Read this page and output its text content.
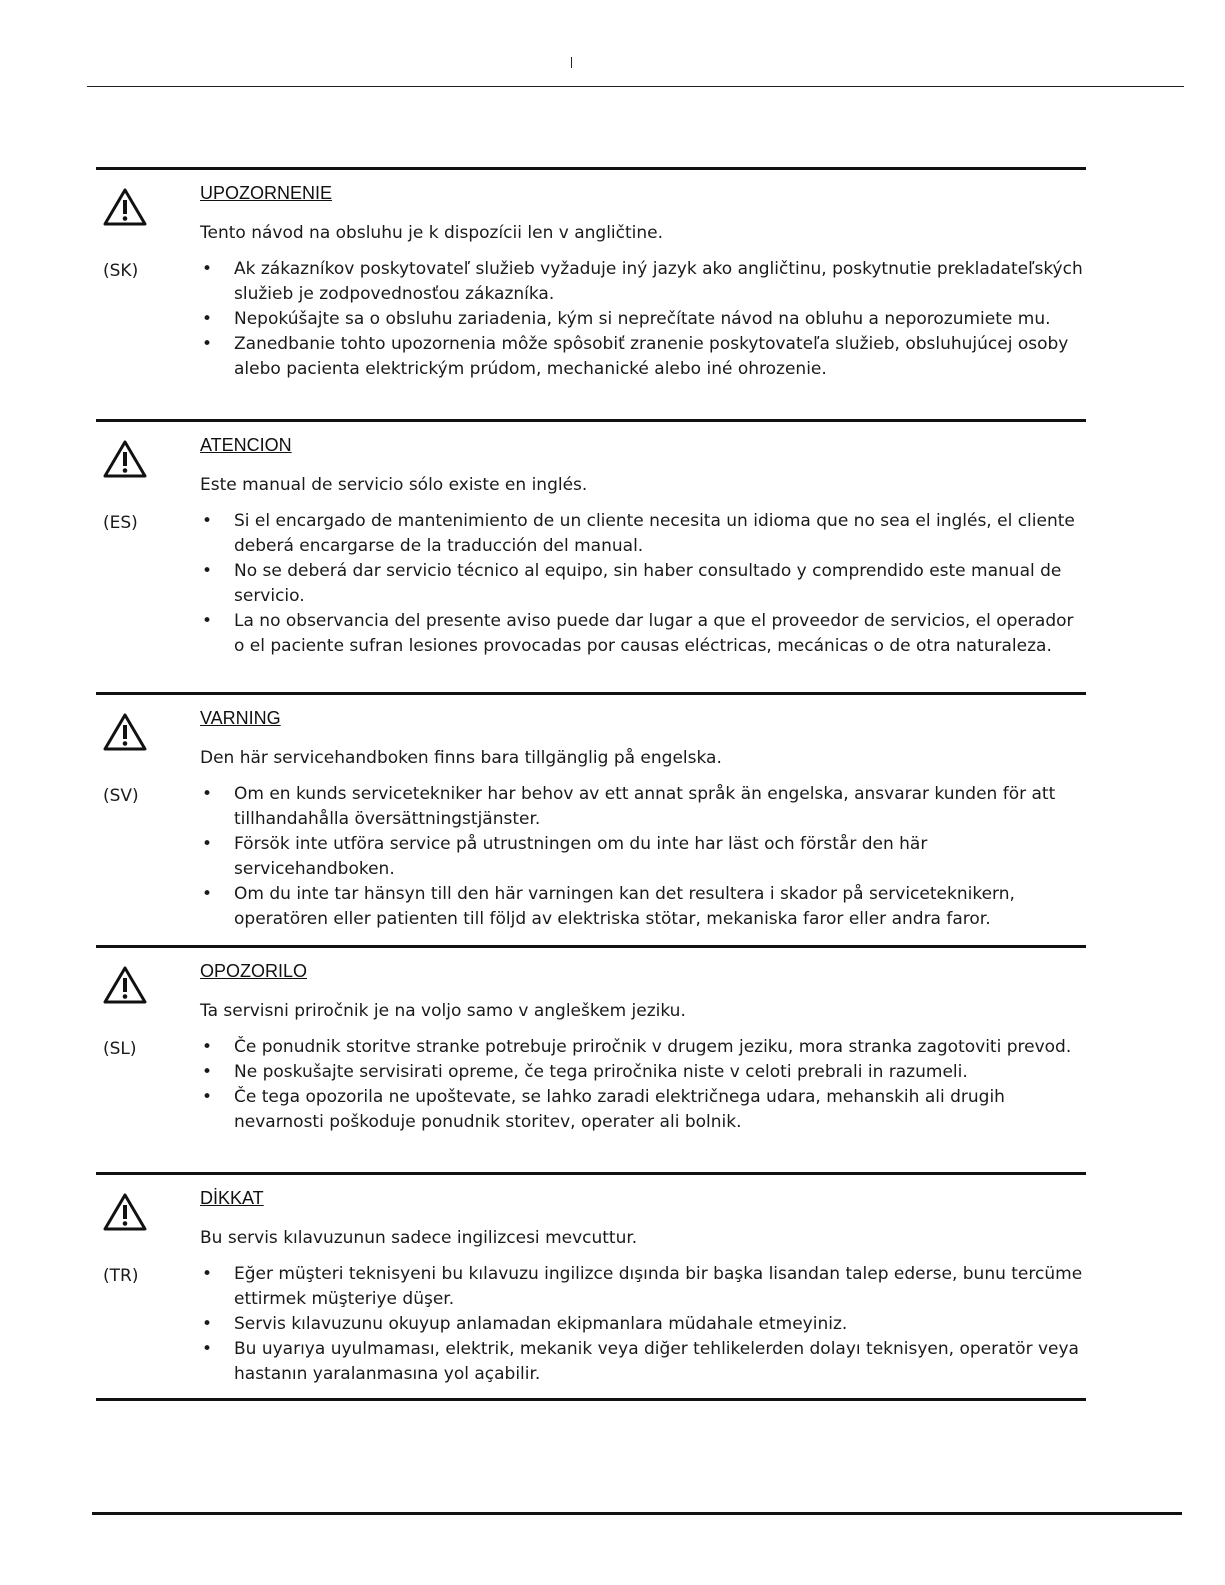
(SK)
UPOZORNENIE
Tento návod na obsluhu je k dispozícii len v angličtine.
• Ak zákazníkov poskytovateľ služieb vyžaduje iný jazyk ako angličtinu, poskytnutie prekladateľských služieb je zodpovednosťou zákazníka.
• Nepokúšajte sa o obsluhu zariadenia, kým si neprečítate návod na obluhu a neporozumiete mu.
• Zanedbanie tohto upozornenia môže spôsobiť zranenie poskytovateľa služieb, obsluhujúcej osoby alebo pacienta elektrickým prúdom, mechanické alebo iné ohrozenie.
(ES)
ATENCION
Este manual de servicio sólo existe en inglés.
• Si el encargado de mantenimiento de un cliente necesita un idioma que no sea el inglés, el cliente deberá encargarse de la traducción del manual.
• No se deberá dar servicio técnico al equipo, sin haber consultado y comprendido este manual de servicio.
• La no observancia del presente aviso puede dar lugar a que el proveedor de servicios, el operador o el paciente sufran lesiones provocadas por causas eléctricas, mecánicas o de otra naturaleza.
(SV)
VARNING
Den här servicehandboken finns bara tillgänglig på engelska.
• Om en kunds servicetekniker har behov av ett annat språk än engelska, ansvarar kunden för att tillhandahålla översättningstjänster.
• Försök inte utföra service på utrustningen om du inte har läst och förstår den här servicehandboken.
• Om du inte tar hänsyn till den här varningen kan det resultera i skador på serviceteknikern, operatören eller patienten till följd av elektriska stötar, mekaniska faror eller andra faror.
(SL)
OPOZORILO
Ta servisni priročnik je na voljo samo v angleškem jeziku.
• Če ponudnik storitve stranke potrebuje priročnik v drugem jeziku, mora stranka zagotoviti prevod.
• Ne poskušajte servisirati opreme, če tega priročnika niste v celoti prebrali in razumeli.
• Če tega opozorila ne upoštevate, se lahko zaradi električnega udara, mehanskih ali drugih nevarnosti poškoduje ponudnik storitev, operater ali bolnik.
(TR)
DİKKAT
Bu servis kılavuzunun sadece ingilizcesi mevcuttur.
• Eğer müşteri teknisyeni bu kılavuzu ingilizce dışında bir başka lisandan talep ederse, bunu tercüme ettirmek müşteriye düşer.
• Servis kılavuzunu okuyup anlamadan ekipmanlara müdahale etmeyiniz.
• Bu uyarıya uyulmaması, elektrik, mekanik veya diğer tehlikelerden dolayı teknisyen, operatör veya hastanın yaralanmasına yol açabilir.
